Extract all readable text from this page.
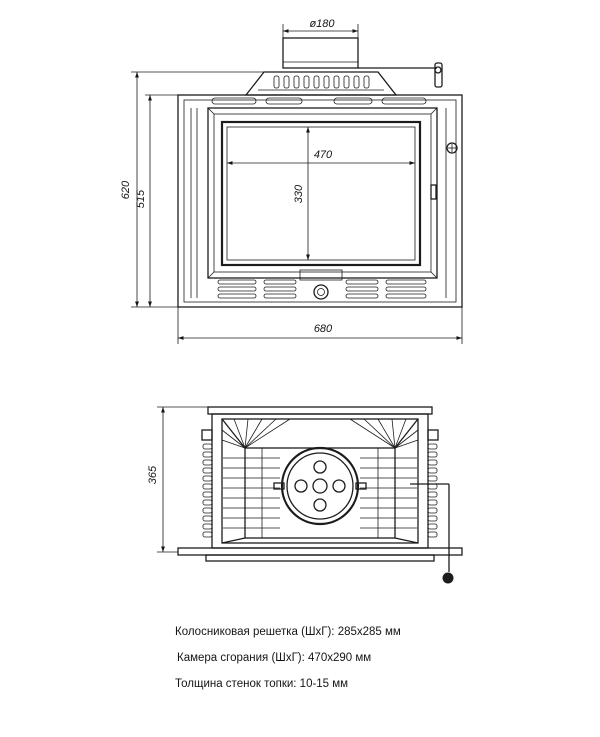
ø180
470
330
620 515
680
365
Колосниковая решетка (ШхГ): 285х285 мм
Камера сгорания (ШхГ): 470х290 мм
Толщина стенок топки: 10-15 мм
